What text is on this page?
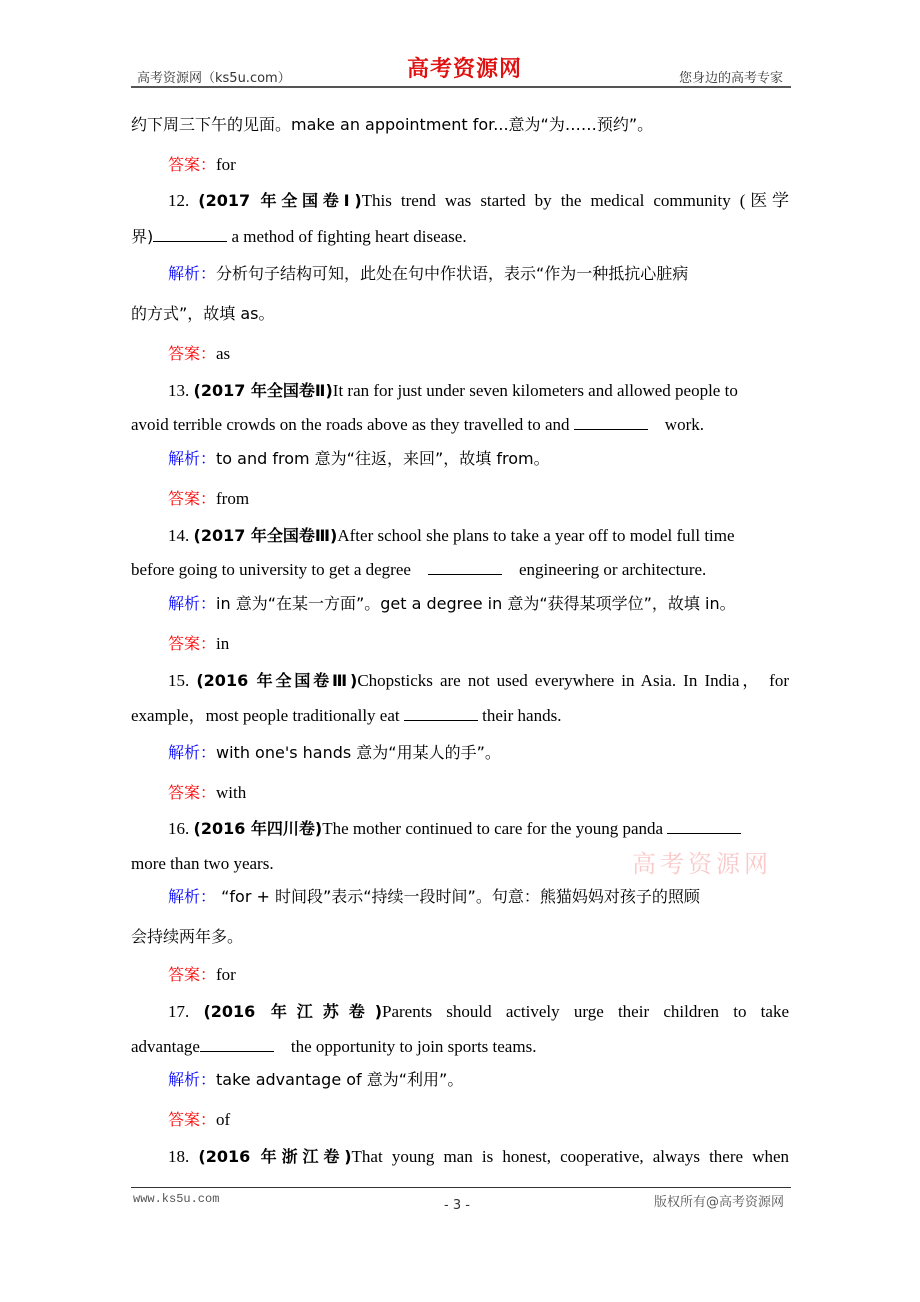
高考资源网（ks5u.com）	高考资源网	您身边的高考专家
约下周三下午的见面。make an appointment for...意为“为……预约”。
答案：for
12. (2017 年全国卷Ⅰ)This trend was started by the medical community (医学
界)	a method of fighting heart disease.
解析：分析句子结构可知，此处在句中作状语，表示“作为一种抵抗心脏病
的方式”，故填 as。
答案：as
13. (2017 年全国卷Ⅱ)It ran for just under seven kilometers and allowed people to
avoid terrible crowds on the roads above as they travelled to and	work.
解析：to and from 意为“往返，来回”，故填 from。
答案：from
14. (2017 年全国卷Ⅲ)After school she plans to take a year off to model full time
before going to university to get a degree	engineering or architecture.
解析：in 意为“在某一方面”。get a degree in 意为“获得某项学位”，故填 in。
答案：in
15. (2016 年全国卷Ⅲ)Chopsticks are not used everywhere in Asia. In India， for
example，most people traditionally eat	their hands.
解析：with one's hands 意为“用某人的手”。
答案：with
16. (2016 年四川卷)The mother continued to care for the young panda
more than two years.
解析： “for + 时间段”表示“持续一段时间”。句意：熊猫妈妈对孩子的照顾
会持续两年多。
答案：for
高考资源网
17. (2016 年江苏卷)Parents should actively urge their children to take
advantage	the opportunity to join sports teams.
解析：take advantage of 意为“利用”。
答案：of
18. (2016 年浙江卷)That young man is honest, cooperative, always there when
www.ks5u.com	- 3 -	版权所有@高考资源网
